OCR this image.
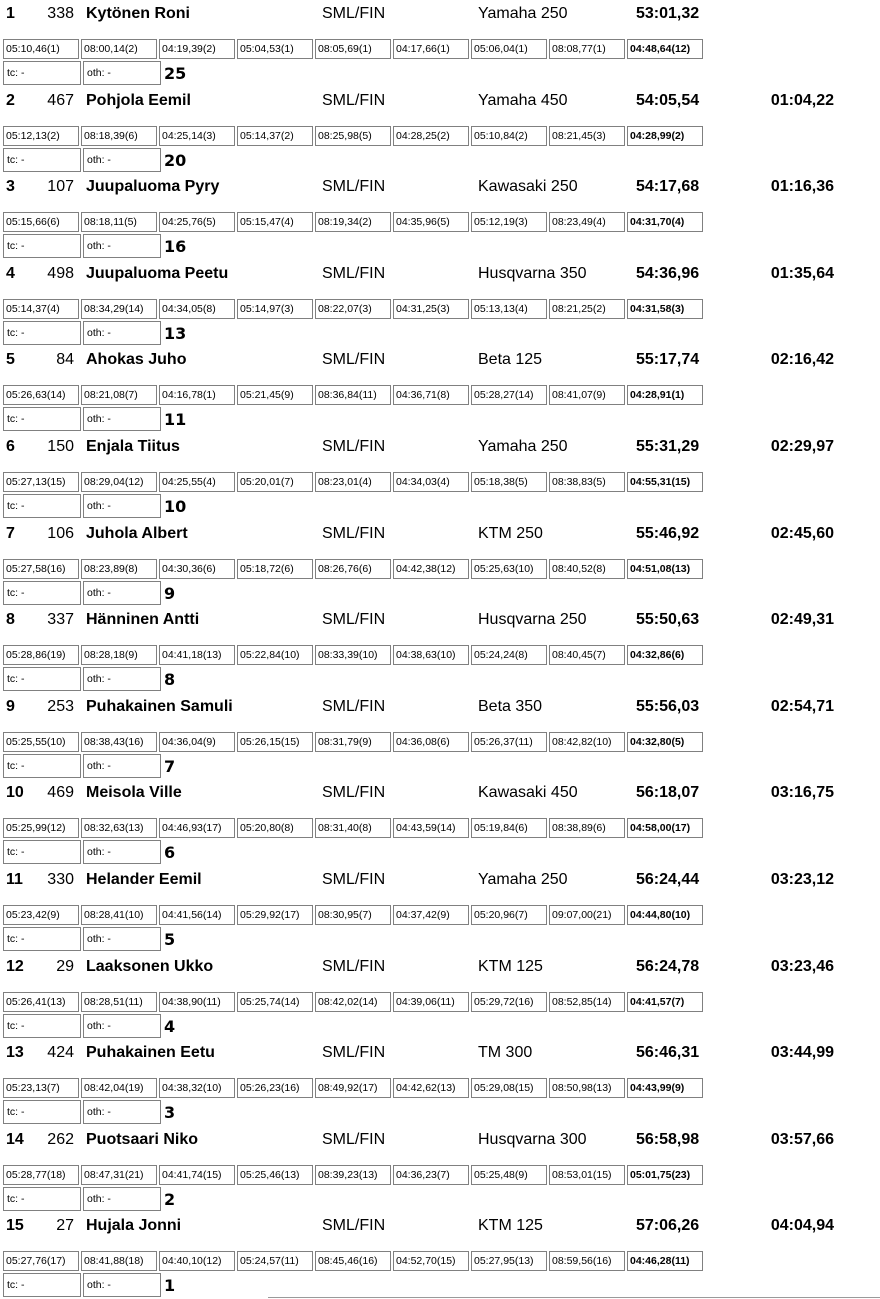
1 338 Kytönen Roni	SML/FIN	Yamaha 250	53:01,32
05:10,46(1) 08:00,14(2) 04:19,39(2) 05:04,53(1) 08:05,69(1) 04:17,66(1) 05:06,04(1) 08:08,77(1) 04:48,64(12)
tc: -	oth: -	25
2 467 Pohjola Eemil	SML/FIN	Yamaha 450	54:05,54	01:04,22
05:12,13(2) 08:18,39(6) 04:25,14(3) 05:14,37(2) 08:25,98(5) 04:28,25(2) 05:10,84(2) 08:21,45(3) 04:28,99(2)
tc: -	oth: -	20
3 107 Juupaluoma Pyry	SML/FIN	Kawasaki 250	54:17,68	01:16,36
05:15,66(6) 08:18,11(5) 04:25,76(5) 05:15,47(4) 08:19,34(2) 04:35,96(5) 05:12,19(3) 08:23,49(4) 04:31,70(4)
tc: -	oth: -	16
4 498 Juupaluoma Peetu	SML/FIN	Husqvarna 350	54:36,96	01:35,64
05:14,37(4) 08:34,29(14) 04:34,05(8) 05:14,97(3) 08:22,07(3) 04:31,25(3) 05:13,13(4) 08:21,25(2) 04:31,58(3)
tc: -	oth: -	13
5	84 Ahokas Juho	SML/FIN	Beta 125	55:17,74	02:16,42
05:26,63(14) 08:21,08(7) 04:16,78(1) 05:21,45(9) 08:36,84(11) 04:36,71(8) 05:28,27(14) 08:41,07(9) 04:28,91(1)
tc: -	oth: -	11
6 150 Enjala Tiitus	SML/FIN	Yamaha 250	55:31,29	02:29,97
05:27,13(15) 08:29,04(12) 04:25,55(4) 05:20,01(7) 08:23,01(4) 04:34,03(4) 05:18,38(5) 08:38,83(5) 04:55,31(15)
tc: -	oth: -	10
7 106 Juhola Albert	SML/FIN	KTM 250	55:46,92	02:45,60
05:27,58(16) 08:23,89(8) 04:30,36(6) 05:18,72(6) 08:26,76(6) 04:42,38(12) 05:25,63(10) 08:40,52(8) 04:51,08(13)
tc: -	oth: -	9
8 337 Hänninen Antti	SML/FIN	Husqvarna 250	55:50,63	02:49,31
05:28,86(19) 08:28,18(9) 04:41,18(13) 05:22,84(10) 08:33,39(10) 04:38,63(10) 05:24,24(8) 08:40,45(7) 04:32,86(6)
tc: -	oth: -	8
9 253 Puhakainen Samuli	SML/FIN	Beta 350	55:56,03	02:54,71
05:25,55(10) 08:38,43(16) 04:36,04(9) 05:26,15(15) 08:31,79(9) 04:36,08(6) 05:26,37(11) 08:42,82(10) 04:32,80(5)
tc: -	oth: -	7
10 469 Meisola Ville	SML/FIN	Kawasaki 450	56:18,07	03:16,75
05:25,99(12) 08:32,63(13) 04:46,93(17) 05:20,80(8) 08:31,40(8) 04:43,59(14) 05:19,84(6) 08:38,89(6) 04:58,00(17)
tc: -	oth: -	6
11 330 Helander Eemil	SML/FIN	Yamaha 250	56:24,44	03:23,12
05:23,42(9) 08:28,41(10) 04:41,56(14) 05:29,92(17) 08:30,95(7) 04:37,42(9) 05:20,96(7) 09:07,00(21) 04:44,80(10)
tc: -	oth: -	5
12	29 Laaksonen Ukko	SML/FIN	KTM 125	56:24,78	03:23,46
05:26,41(13) 08:28,51(11) 04:38,90(11) 05:25,74(14) 08:42,02(14) 04:39,06(11) 05:29,72(16) 08:52,85(14) 04:41,57(7)
tc: -	oth: -	4
13 424 Puhakainen Eetu	SML/FIN	TM 300	56:46,31	03:44,99
05:23,13(7) 08:42,04(19) 04:38,32(10) 05:26,23(16) 08:49,92(17) 04:42,62(13) 05:29,08(15) 08:50,98(13) 04:43,99(9)
tc: -	oth: -	3
14 262 Puotsaari Niko	SML/FIN	Husqvarna 300	56:58,98	03:57,66
05:28,77(18) 08:47,31(21) 04:41,74(15) 05:25,46(13) 08:39,23(13) 04:36,23(7) 05:25,48(9) 08:53,01(15) 05:01,75(23)
tc: -	oth: -	2
15	27 Hujala Jonni	SML/FIN	KTM 125	57:06,26	04:04,94
05:27,76(17) 08:41,88(18) 04:40,10(12) 05:24,57(11) 08:45,46(16) 04:52,70(15) 05:27,95(13) 08:59,56(16) 04:46,28(11)
tc: -	oth: -	1
